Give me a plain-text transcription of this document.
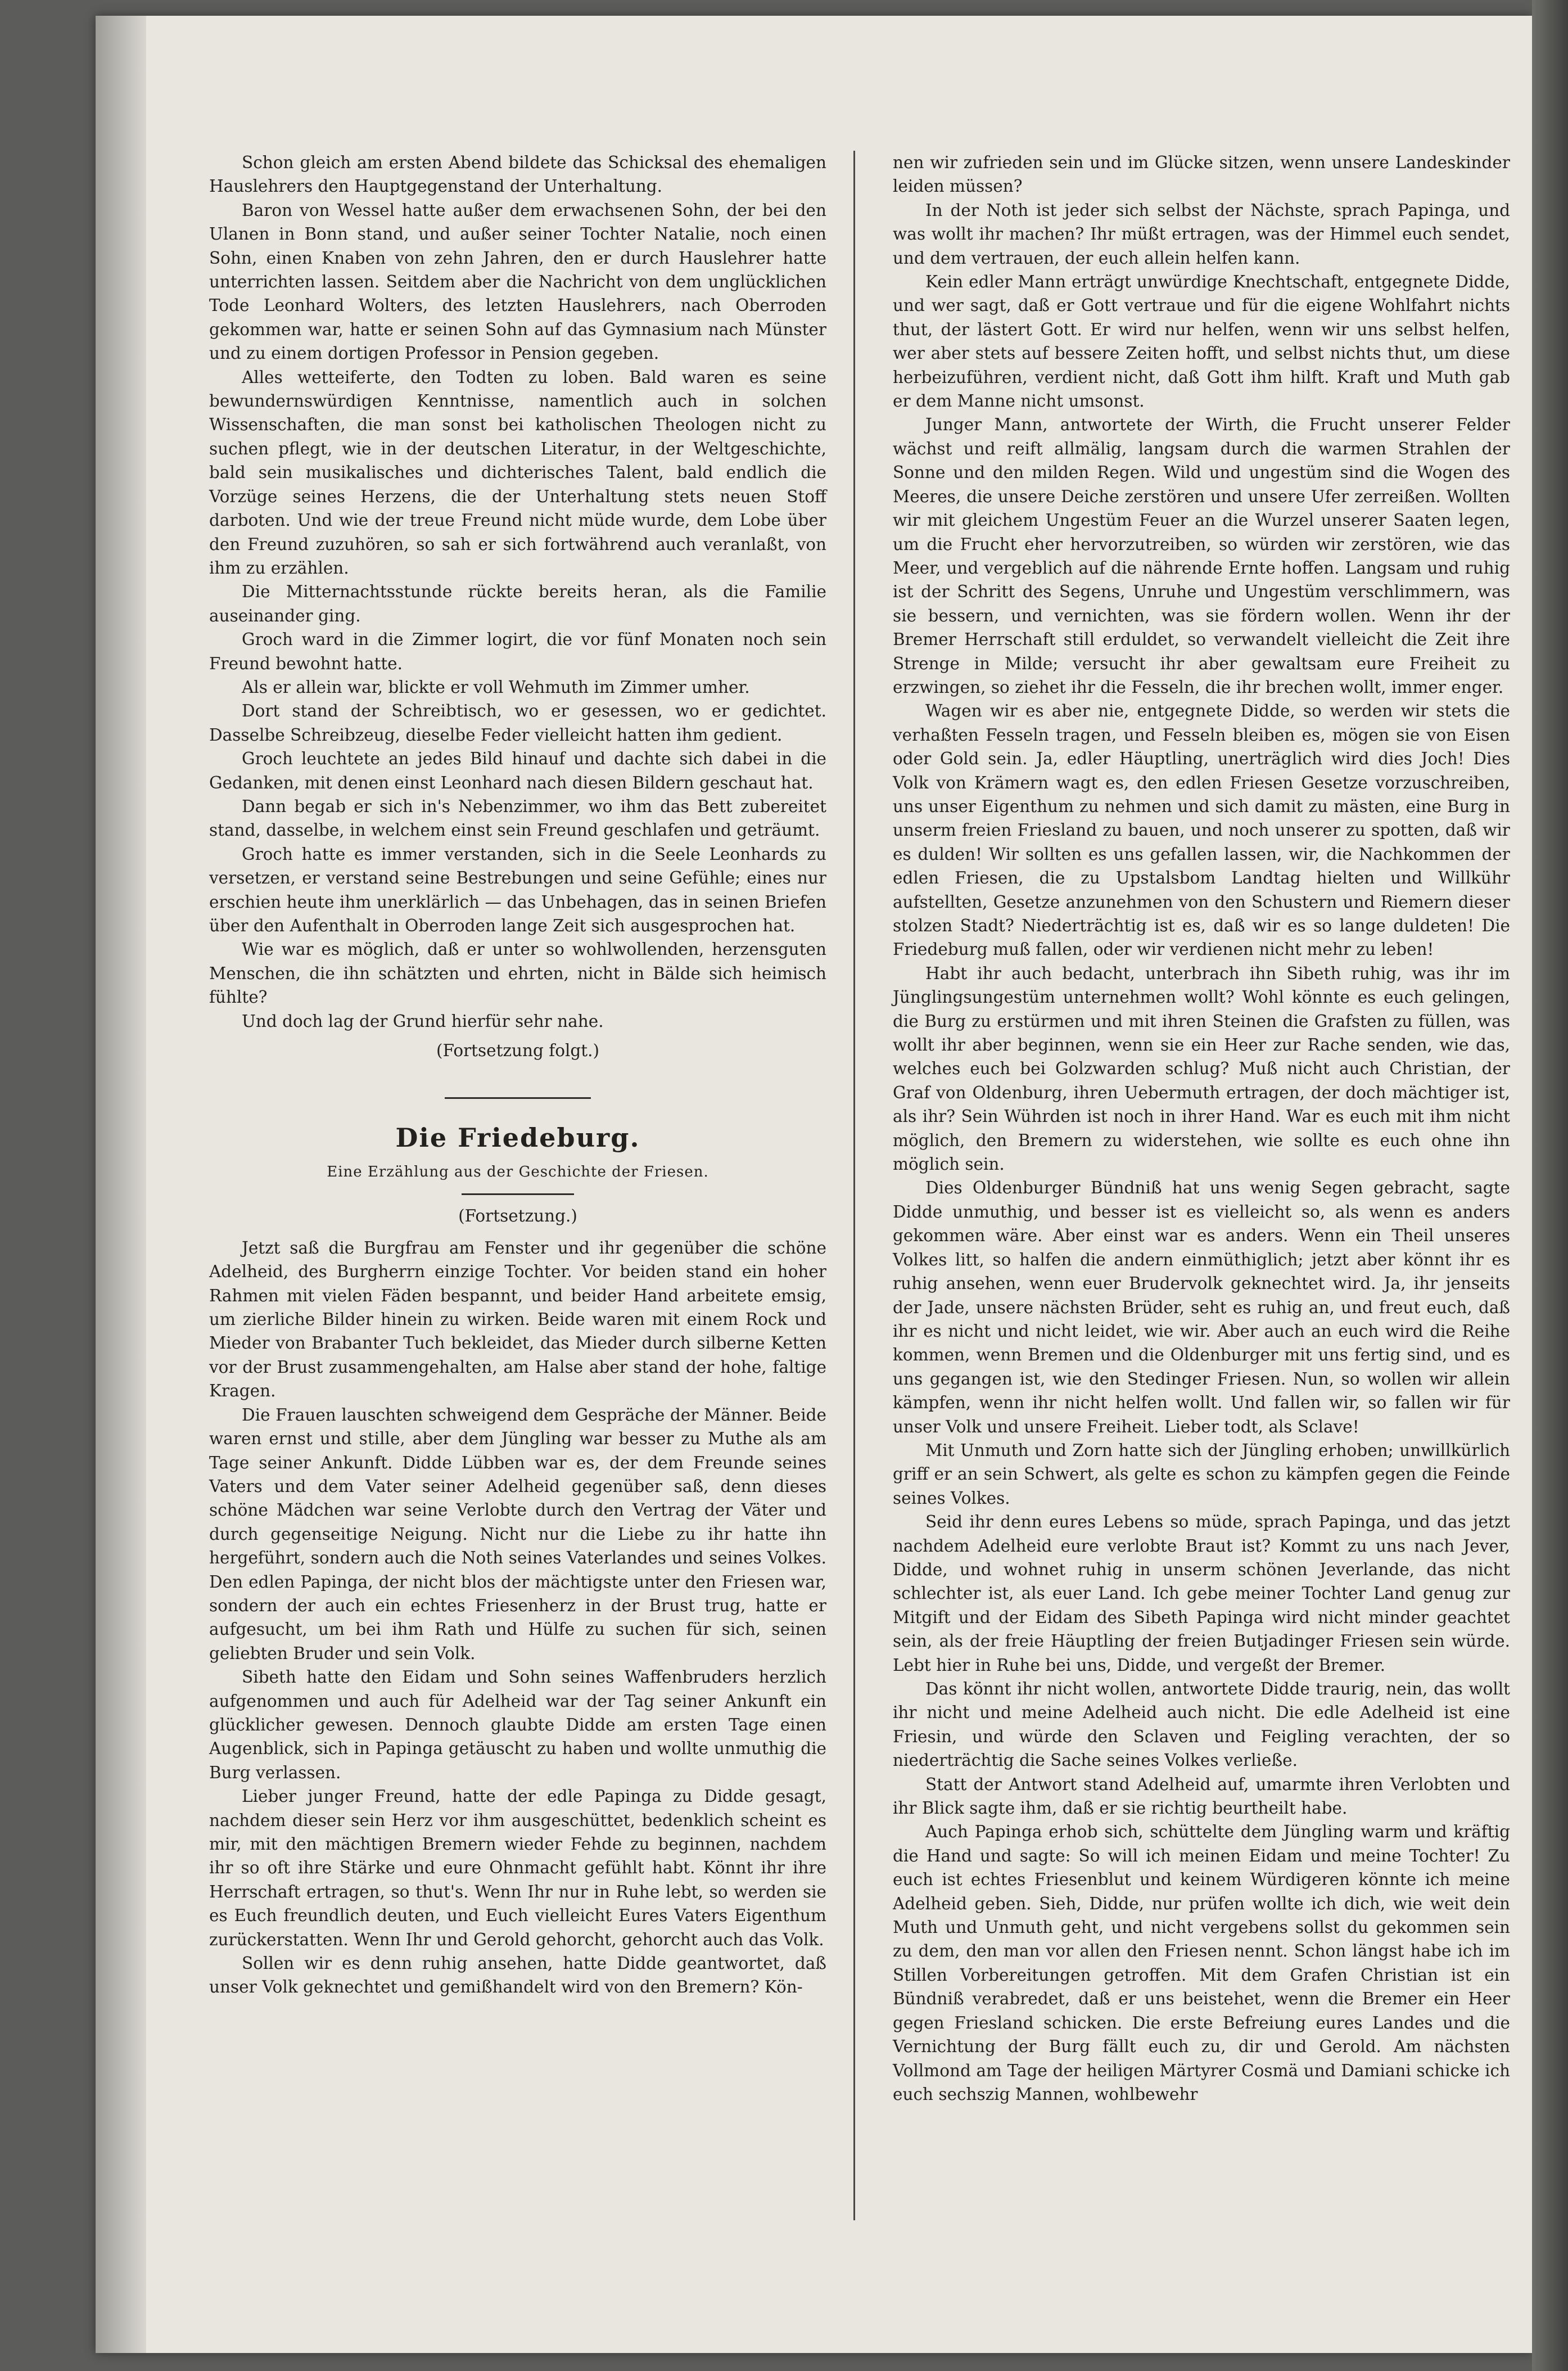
Schon gleich am ersten Abend bildete das Schicksal des ehemaligen Hauslehrers den Hauptgegenstand der Unterhaltung.

Baron von Wessel hatte außer dem erwachsenen Sohn, der bei den Ulanen in Bonn stand, und außer seiner Tochter Natalie, noch einen Sohn, einen Knaben von zehn Jahren, den er durch Hauslehrer hatte unterrichten lassen. Seitdem aber die Nachricht von dem unglücklichen Tode Leonhard Wolters, des letzten Hauslehrers, nach Oberroden gekommen war, hatte er seinen Sohn auf das Gymnasium nach Münster und zu einem dortigen Professor in Pension gegeben.

Alles wetteiferte, den Todten zu loben. Bald waren es seine bewundernswürdigen Kenntnisse, namentlich auch in solchen Wissenschaften, die man sonst bei katholischen Theologen nicht zu suchen pflegt, wie in der deutschen Literatur, in der Weltgeschichte, bald sein musikalisches und dichterisches Talent, bald endlich die Vorzüge seines Herzens, die der Unterhaltung stets neuen Stoff darboten. Und wie der treue Freund nicht müde wurde, dem Lobe über den Freund zuzuhören, so sah er sich fortwährend auch veranlaßt, von ihm zu erzählen.

Die Mitternachtsstunde rückte bereits heran, als die Familie auseinander ging.

Groch ward in die Zimmer logirt, die vor fünf Monaten noch sein Freund bewohnt hatte.

Als er allein war, blickte er voll Wehmuth im Zimmer umher.

Dort stand der Schreibtisch, wo er gesessen, wo er gedichtet. Dasselbe Schreibzeug, dieselbe Feder vielleicht hatten ihm gedient.

Groch leuchtete an jedes Bild hinauf und dachte sich dabei in die Gedanken, mit denen einst Leonhard nach diesen Bildern geschaut hat.

Dann begab er sich in's Nebenzimmer, wo ihm das Bett zubereitet stand, dasselbe, in welchem einst sein Freund geschlafen und geträumt.

Groch hatte es immer verstanden, sich in die Seele Leonhards zu versetzen, er verstand seine Bestrebungen und seine Gefühle; eines nur erschien heute ihm unerklärlich — das Unbehagen, das in seinen Briefen über den Aufenthalt in Oberroden lange Zeit sich ausgesprochen hat.

Wie war es möglich, daß er unter so wohlwollenden, herzensguten Menschen, die ihn schätzten und ehrten, nicht in Bälde sich heimisch fühlte?

Und doch lag der Grund hierfür sehr nahe.

(Fortsetzung folgt.)

Die Friedeburg.

Eine Erzählung aus der Geschichte der Friesen.

(Fortsetzung.)

Jetzt saß die Burgfrau am Fenster und ihr gegenüber die schöne Adelheid, des Burgherrn einzige Tochter. Vor beiden stand ein hoher Rahmen mit vielen Fäden bespannt, und beider Hand arbeitete emsig, um zierliche Bilder hinein zu wirken. Beide waren mit einem Rock und Mieder von Brabanter Tuch bekleidet, das Mieder durch silberne Ketten vor der Brust zusammengehalten, am Halse aber stand der hohe, faltige Kragen.

Die Frauen lauschten schweigend dem Gespräche der Männer. Beide waren ernst und stille, aber dem Jüngling war besser zu Muthe als am Tage seiner Ankunft. Didde Lübben war es, der dem Freunde seines Vaters und dem Vater seiner Adelheid gegenüber saß, denn dieses schöne Mädchen war seine Verlobte durch den Vertrag der Väter und durch gegenseitige Neigung. Nicht nur die Liebe zu ihr hatte ihn hergeführt, sondern auch die Noth seines Vaterlandes und seines Volkes. Den edlen Papinga, der nicht blos der mächtigste unter den Friesen war, sondern der auch ein echtes Friesenherz in der Brust trug, hatte er aufgesucht, um bei ihm Rath und Hülfe zu suchen für sich, seinen geliebten Bruder und sein Volk.

Sibeth hatte den Eidam und Sohn seines Waffenbruders herzlich aufgenommen und auch für Adelheid war der Tag seiner Ankunft ein glücklicher gewesen. Dennoch glaubte Didde am ersten Tage einen Augenblick, sich in Papinga getäuscht zu haben und wollte unmuthig die Burg verlassen.

Lieber junger Freund, hatte der edle Papinga zu Didde gesagt, nachdem dieser sein Herz vor ihm ausgeschüttet, bedenklich scheint es mir, mit den mächtigen Bremern wieder Fehde zu beginnen, nachdem ihr so oft ihre Stärke und eure Ohnmacht gefühlt habt. Könnt ihr ihre Herrschaft ertragen, so thut's. Wenn Ihr nur in Ruhe lebt, so werden sie es Euch freundlich deuten, und Euch vielleicht Eures Vaters Eigenthum zurückerstatten. Wenn Ihr und Gerold gehorcht, gehorcht auch das Volk.

Sollen wir es denn ruhig ansehen, hatte Didde geantwortet, daß unser Volk geknechtet und gemißhandelt wird von den Bremern? Kön-

nen wir zufrieden sein und im Glücke sitzen, wenn unsere Landeskinder leiden müssen?

In der Noth ist jeder sich selbst der Nächste, sprach Papinga, und was wollt ihr machen? Ihr müßt ertragen, was der Himmel euch sendet, und dem vertrauen, der euch allein helfen kann.

Kein edler Mann erträgt unwürdige Knechtschaft, entgegnete Didde, und wer sagt, daß er Gott vertraue und für die eigene Wohlfahrt nichts thut, der lästert Gott. Er wird nur helfen, wenn wir uns selbst helfen, wer aber stets auf bessere Zeiten hofft, und selbst nichts thut, um diese herbeizuführen, verdient nicht, daß Gott ihm hilft. Kraft und Muth gab er dem Manne nicht umsonst.

Junger Mann, antwortete der Wirth, die Frucht unserer Felder wächst und reift allmälig, langsam durch die warmen Strahlen der Sonne und den milden Regen. Wild und ungestüm sind die Wogen des Meeres, die unsere Deiche zerstören und unsere Ufer zerreißen. Wollten wir mit gleichem Ungestüm Feuer an die Wurzel unserer Saaten legen, um die Frucht eher hervorzutreiben, so würden wir zerstören, wie das Meer, und vergeblich auf die nährende Ernte hoffen. Langsam und ruhig ist der Schritt des Segens, Unruhe und Ungestüm verschlimmern, was sie bessern, und vernichten, was sie fördern wollen. Wenn ihr der Bremer Herrschaft still erduldet, so verwandelt vielleicht die Zeit ihre Strenge in Milde; versucht ihr aber gewaltsam eure Freiheit zu erzwingen, so ziehet ihr die Fesseln, die ihr brechen wollt, immer enger.

Wagen wir es aber nie, entgegnete Didde, so werden wir stets die verhaßten Fesseln tragen, und Fesseln bleiben es, mögen sie von Eisen oder Gold sein. Ja, edler Häuptling, unerträglich wird dies Joch! Dies Volk von Krämern wagt es, den edlen Friesen Gesetze vorzuschreiben, uns unser Eigenthum zu nehmen und sich damit zu mästen, eine Burg in unserm freien Friesland zu bauen, und noch unserer zu spotten, daß wir es dulden! Wir sollten es uns gefallen lassen, wir, die Nachkommen der edlen Friesen, die zu Upstalsbom Landtag hielten und Willkühr aufstellten, Gesetze anzunehmen von den Schustern und Riemern dieser stolzen Stadt? Niederträchtig ist es, daß wir es so lange duldeten! Die Friedeburg muß fallen, oder wir verdienen nicht mehr zu leben!

Habt ihr auch bedacht, unterbrach ihn Sibeth ruhig, was ihr im Jünglingsungestüm unternehmen wollt? Wohl könnte es euch gelingen, die Burg zu erstürmen und mit ihren Steinen die Grafsten zu füllen, was wollt ihr aber beginnen, wenn sie ein Heer zur Rache senden, wie das, welches euch bei Golzwarden schlug? Muß nicht auch Christian, der Graf von Oldenburg, ihren Uebermuth ertragen, der doch mächtiger ist, als ihr? Sein Wührden ist noch in ihrer Hand. War es euch mit ihm nicht möglich, den Bremern zu widerstehen, wie sollte es euch ohne ihn möglich sein.

Dies Oldenburger Bündniß hat uns wenig Segen gebracht, sagte Didde unmuthig, und besser ist es vielleicht so, als wenn es anders gekommen wäre. Aber einst war es anders. Wenn ein Theil unseres Volkes litt, so halfen die andern einmüthiglich; jetzt aber könnt ihr es ruhig ansehen, wenn euer Brudervolk geknechtet wird. Ja, ihr jenseits der Jade, unsere nächsten Brüder, seht es ruhig an, und freut euch, daß ihr es nicht und nicht leidet, wie wir. Aber auch an euch wird die Reihe kommen, wenn Bremen und die Oldenburger mit uns fertig sind, und es uns gegangen ist, wie den Stedinger Friesen. Nun, so wollen wir allein kämpfen, wenn ihr nicht helfen wollt. Und fallen wir, so fallen wir für unser Volk und unsere Freiheit. Lieber todt, als Sclave!

Mit Unmuth und Zorn hatte sich der Jüngling erhoben; unwillkürlich griff er an sein Schwert, als gelte es schon zu kämpfen gegen die Feinde seines Volkes.

Seid ihr denn eures Lebens so müde, sprach Papinga, und das jetzt nachdem Adelheid eure verlobte Braut ist? Kommt zu uns nach Jever, Didde, und wohnet ruhig in unserm schönen Jeverlande, das nicht schlechter ist, als euer Land. Ich gebe meiner Tochter Land genug zur Mitgift und der Eidam des Sibeth Papinga wird nicht minder geachtet sein, als der freie Häuptling der freien Butjadinger Friesen sein würde. Lebt hier in Ruhe bei uns, Didde, und vergeßt der Bremer.

Das könnt ihr nicht wollen, antwortete Didde traurig, nein, das wollt ihr nicht und meine Adelheid auch nicht. Die edle Adelheid ist eine Friesin, und würde den Sclaven und Feigling verachten, der so niederträchtig die Sache seines Volkes verließe.

Statt der Antwort stand Adelheid auf, umarmte ihren Verlobten und ihr Blick sagte ihm, daß er sie richtig beurtheilt habe.

Auch Papinga erhob sich, schüttelte dem Jüngling warm und kräftig die Hand und sagte: So will ich meinen Eidam und meine Tochter! Zu euch ist echtes Friesenblut und keinem Würdigeren könnte ich meine Adelheid geben. Sieh, Didde, nur prüfen wollte ich dich, wie weit dein Muth und Unmuth geht, und nicht vergebens sollst du gekommen sein zu dem, den man vor allen den Friesen nennt. Schon längst habe ich im Stillen Vorbereitungen getroffen. Mit dem Grafen Christian ist ein Bündniß verabredet, daß er uns beistehet, wenn die Bremer ein Heer gegen Friesland schicken. Die erste Befreiung eures Landes und die Vernichtung der Burg fällt euch zu, dir und Gerold. Am nächsten Vollmond am Tage der heiligen Märtyrer Cosmä und Damiani schicke ich euch sechszig Mannen, wohlbewehr
